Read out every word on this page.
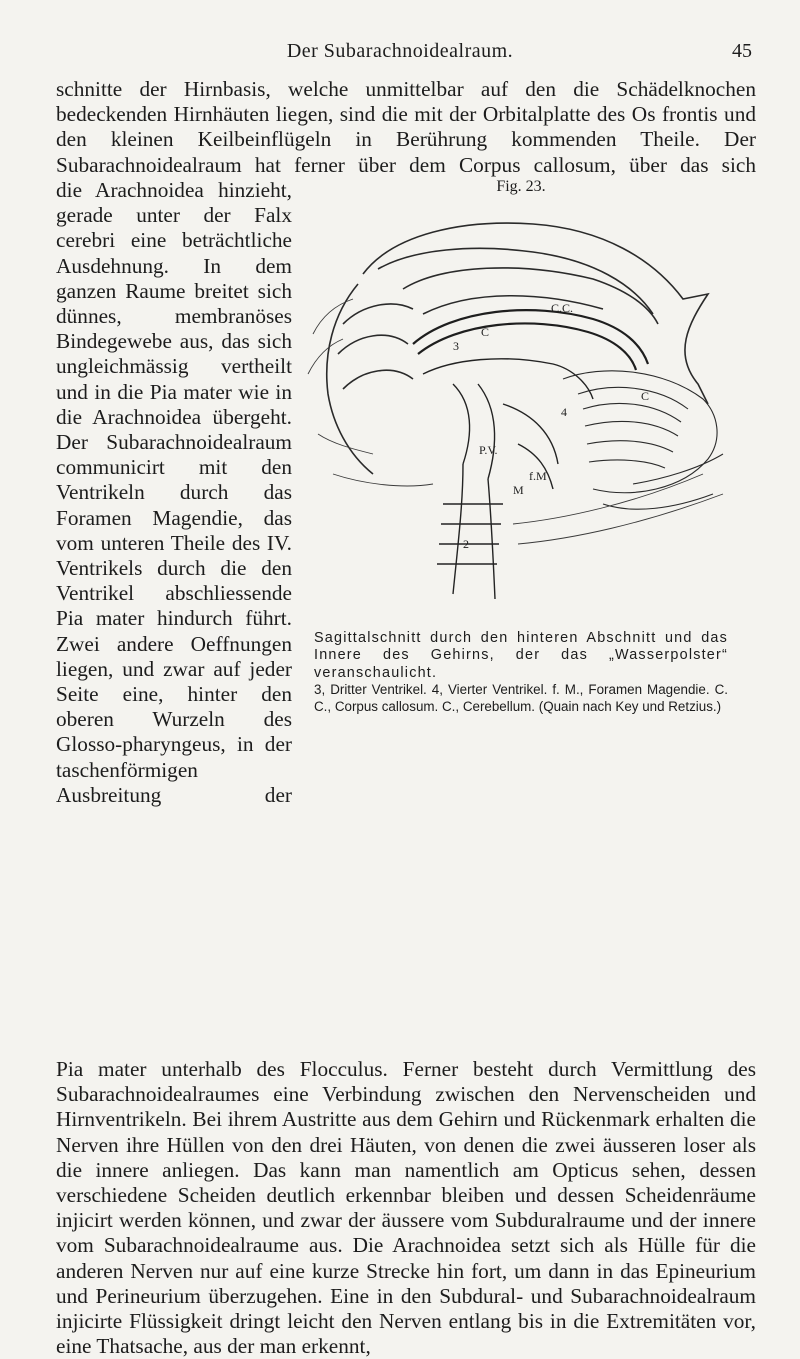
Der Subarachnoidealraum.	45

schnitte der Hirnbasis, welche unmittelbar auf den die Schädelknochen bedeckenden Hirnhäuten liegen, sind die mit der Orbitalplatte des Os frontis und den kleinen Keilbeinflügeln in Berührung kommenden Theile. Der Subarachnoidealraum hat ferner über dem Corpus callosum, über das sich

die Arachnoidea hinzieht, gerade unter der Falx cerebri eine beträchtliche Ausdehnung. In dem ganzen Raume breitet sich dünnes, membranöses Bindegewebe aus, das sich ungleichmässig vertheilt und in die Pia mater wie in die Arachnoidea übergeht. Der Subarachnoidealraum communicirt mit den Ventrikeln durch das Foramen Magendie, das vom unteren Theile des IV. Ventrikels durch die den Ventrikel abschliessende Pia mater hindurch führt. Zwei andere Oeffnungen liegen, und zwar auf jeder Seite eine, hinter den oberen Wurzeln des Glosso-pharyngeus, in der taschenförmigen Ausbreitung der

Fig. 23.
C.C.
3
C
C
4
P.V.
M
f.M
2
Sagittalschnitt durch den hinteren Abschnitt und das Innere des Gehirns, der das „Wasserpolster“ veranschaulicht.
3, Dritter Ventrikel. 4, Vierter Ventrikel. f. M., Foramen Magendie. C. C., Corpus callosum. C., Cerebellum. (Quain nach Key und Retzius.)

Pia mater unterhalb des Flocculus. Ferner besteht durch Vermittlung des Subarachnoidealraumes eine Verbindung zwischen den Nervenscheiden und Hirnventrikeln. Bei ihrem Austritte aus dem Gehirn und Rückenmark erhalten die Nerven ihre Hüllen von den drei Häuten, von denen die zwei äusseren loser als die innere anliegen. Das kann man namentlich am Opticus sehen, dessen verschiedene Scheiden deutlich erkennbar bleiben und dessen Scheidenräume injicirt werden können, und zwar der äussere vom Subduralraume und der innere vom Subarachnoidealraume aus. Die Arachnoidea setzt sich als Hülle für die anderen Nerven nur auf eine kurze Strecke hin fort, um dann in das Epineurium und Perineurium überzugehen. Eine in den Subdural- und Subarachnoidealraum injicirte Flüssigkeit dringt leicht den Nerven entlang bis in die Extremitäten vor, eine Thatsache, aus der man erkennt,
